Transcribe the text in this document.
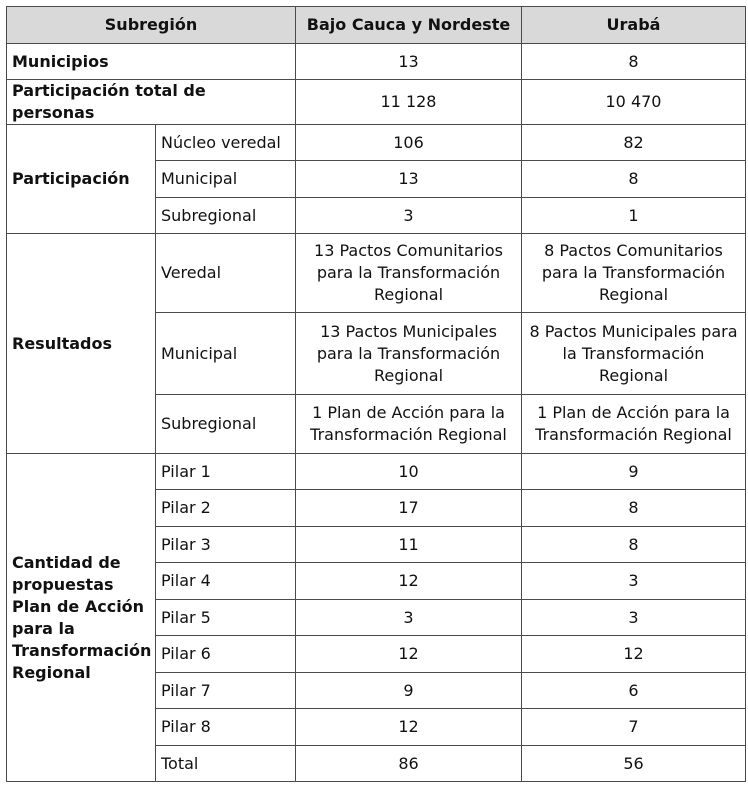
Subregión		Bajo Cauca y Nordeste	Urabá
Municipios		13	8
Participación total de personas		11 128	10 470
Participación	Núcleo veredal	106	82
	Municipal	13	8
	Subregional	3	1
Resultados	Veredal	13 Pactos Comunitarios para la Transformación Regional	8 Pactos Comunitarios para la Transformación Regional
	Municipal	13 Pactos Municipales para la Transformación Regional	8 Pactos Municipales para la Transformación Regional
	Subregional	1 Plan de Acción para la Transformación Regional	1 Plan de Acción para la Transformación Regional
Cantidad de propuestas Plan de Acción para la Transformación Regional	Pilar 1	10	9
	Pilar 2	17	8
	Pilar 3	11	8
	Pilar 4	12	3
	Pilar 5	3	3
	Pilar 6	12	12
	Pilar 7	9	6
	Pilar 8	12	7
	Total	86	56
